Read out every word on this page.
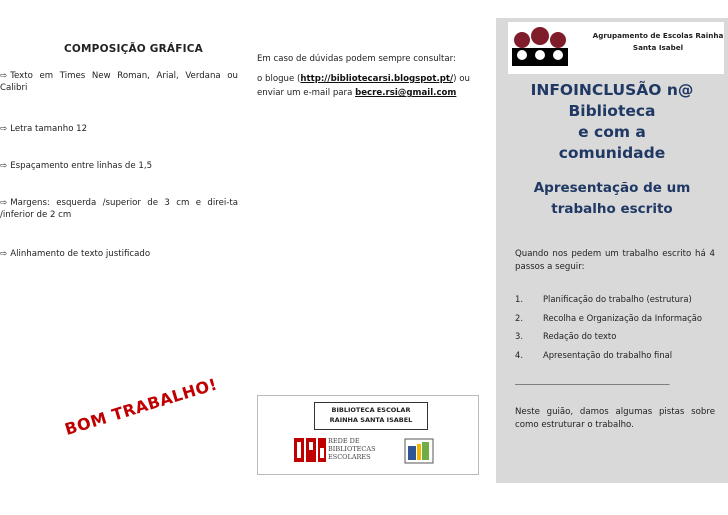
COMPOSIÇÃO GRÁFICA
⇨ Texto em Times New Roman, Arial, Verdana ou Calibri
⇨ Letra tamanho 12
⇨ Espaçamento entre linhas de 1,5
⇨ Margens: esquerda /superior de 3 cm e direi-ta /inferior de 2 cm
⇨ Alinhamento de texto justificado
BOM TRABALHO!
Em caso de dúvidas podem sempre consultar:
o blogue (http://bibliotecarsi.blogspot.pt/) ou
enviar um e-mail para becre.rsi@gmail.com
BIBLIOTECA ESCOLAR
RAINHA SANTA ISABEL
REDE DE
BIBLIOTECAS
ESCOLARES
Agrupamento de Escolas Rainha
Santa Isabel
INFOINCLUSÃO n@ Biblioteca
e com a
comunidade
Apresentação de um
trabalho escrito
Quando nos pedem um trabalho escrito há 4 passos a seguir:
1.	Planificação do trabalho (estrutura)
2.	Recolha e Organização da Informação
3.	Redação do texto
4.	Apresentação do trabalho final
____________________________________________
Neste guião, damos algumas pistas sobre como estruturar o trabalho.
